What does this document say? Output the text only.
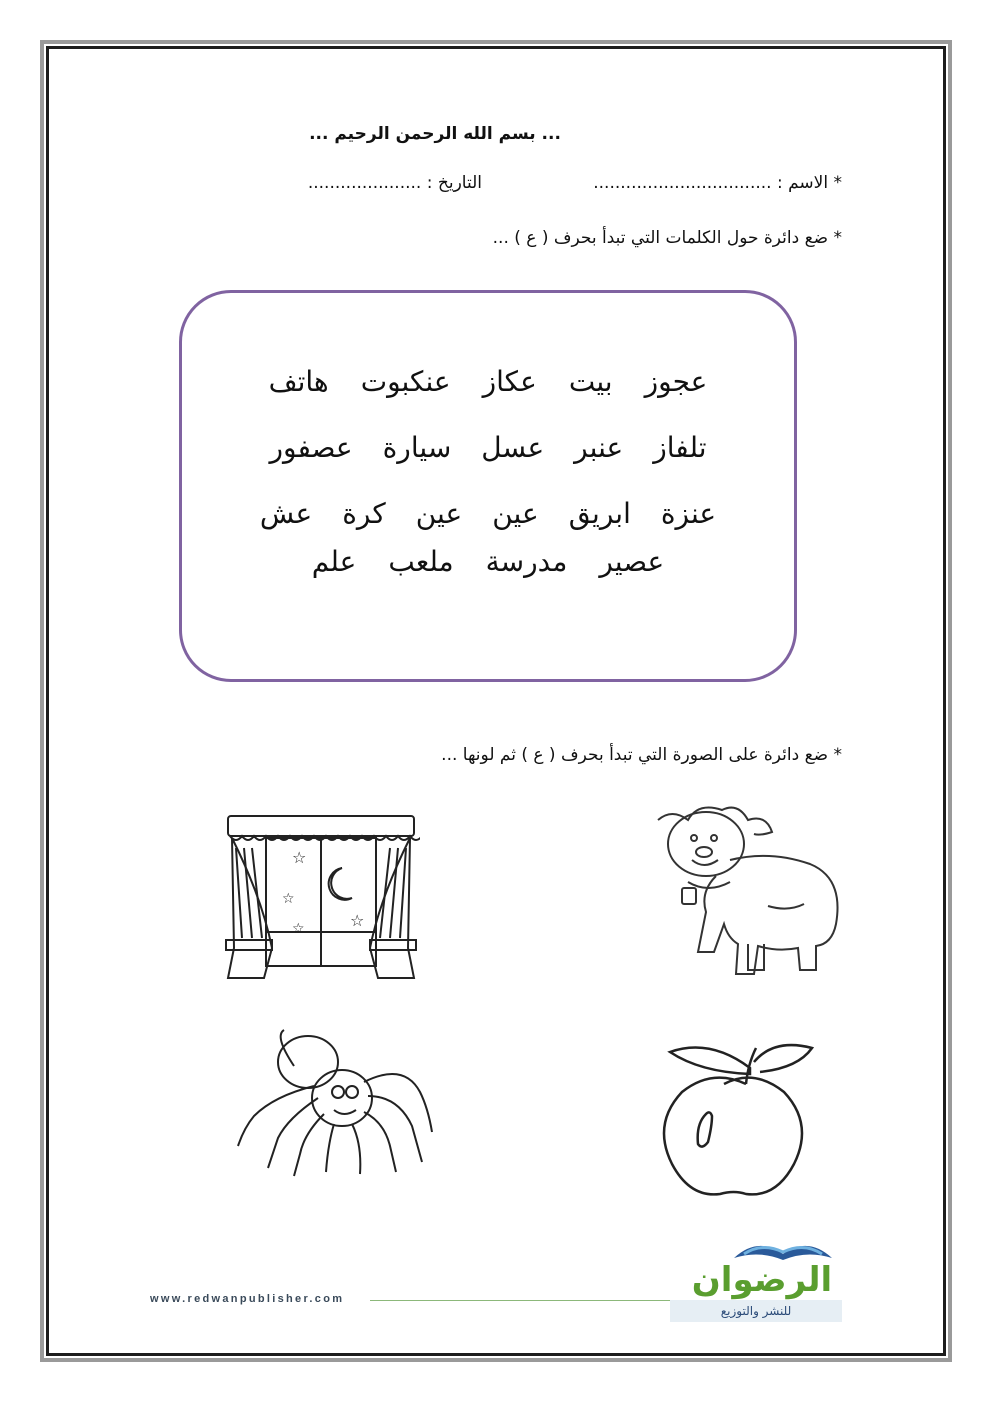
... بسم الله الرحمن الرحيم ...
* الاسم : .................................
التاريخ : .....................
* ضع دائرة حول الكلمات التي تبدأ بحرف ( ع ) ...
عجوز
بيت
عكاز
عنكبوت
هاتف
تلفاز
عنبر
عسل
سيارة
عصفور
عنزة
ابريق
عين
عين
كرة
عش
عصير
مدرسة
ملعب
علم
* ضع دائرة على الصورة التي تبدأ بحرف ( ع ) ثم لونها ...
☆
☆
☆
☆
www.redwanpublisher.com	الرضوان
للنشر والتوزيع
